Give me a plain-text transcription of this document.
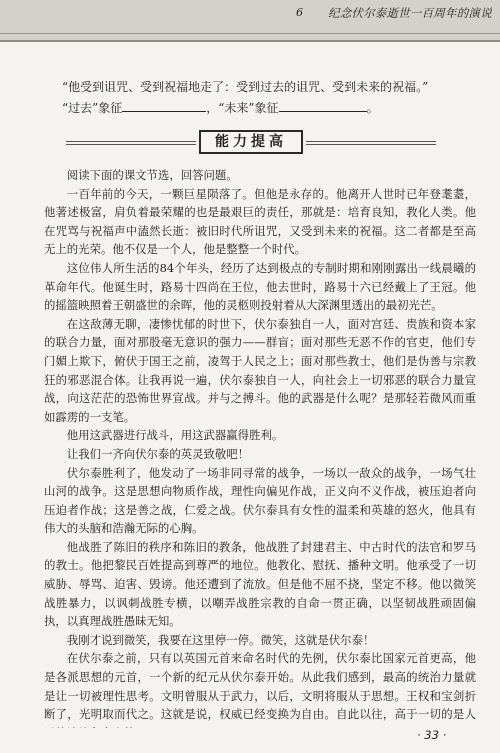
6 纪念伏尔泰逝世一百周年的演说
“他受到诅咒、受到祝福地走了：受到过去的诅咒、受到未来的祝福。”
“过去”象征	，“未来”象征	。
能力提高

阅读下面的课文节选，回答问题。

一百年前的今天，一颗巨星陨落了。但他是永存的。他离开人世时已年登耄耋，他著述极富，肩负着最荣耀的也是最艰巨的责任，那就是：培育良知，教化人类。他在咒骂与祝福声中溘然长逝：被旧时代所诅咒，又受到未来的祝福。这二者都是至高无上的光荣。他不仅是一个人，他是整整一个时代。

这位伟人所生活的84个年头，经历了达到极点的专制时期和刚刚露出一线晨曦的革命年代。他诞生时，路易十四尚在王位，他去世时，路易十六已经戴上了王冠。他的摇篮映照着王朝盛世的余晖，他的灵柩则投射着从大深渊里透出的最初光芒。

在这敌薄无聊，凄惨忧郁的时世下，伏尔泰独自一人，面对宫廷、贵族和资本家的联合力量，面对那股毫无意识的强力——群盲；面对那些无恶不作的官吏，他们专门媚上欺下，俯伏于国王之前，凌驾于人民之上；面对那些教士，他们是伪善与宗教狂的邪恶混合体。让我再说一遍，伏尔泰独自一人，向社会上一切邪恶的联合力量宣战，向这茫茫的恐怖世界宣战。并与之搏斗。他的武器是什么呢？是那轻若微风而重如霹雳的一支笔。

他用这武器进行战斗，用这武器赢得胜利。

让我们一齐向伏尔泰的英灵致敬吧！

伏尔泰胜利了，他发动了一场非同寻常的战争，一场以一敌众的战争，一场气壮山河的战争。这是思想向物质作战，理性向偏见作战，正义向不义作战，被压迫者向压迫者作战；这是善之战，仁爱之战。伏尔泰具有女性的温柔和英雄的怒火，他具有伟大的头脑和浩瀚无际的心胸。

他战胜了陈旧的秩序和陈旧的教条，他战胜了封建君主、中古时代的法官和罗马的教士。他把黎民百姓提高到尊严的地位。他教化、慰抚、播种文明。他承受了一切威胁、辱骂、迫害、毁谤。他还遭到了流放。但是他不屈不挠，坚定不移。他以微笑战胜暴力，以讽刺战胜专横，以嘲弄战胜宗教的自命一贯正确，以坚韧战胜顽固偏执，以真理战胜愚昧无知。

我刚才说到微笑，我要在这里停一停。微笑，这就是伏尔泰！

在伏尔泰之前，只有以英国元首来命名时代的先例，伏尔泰比国家元首更高，他是各派思想的元首，一个新的纪元从伏尔泰开始。从此我们感到，最高的统治力量就是让一切被理性思考。文明曾服从于武力，以后，文明将服从于思想。王权和宝剑折断了，光明取而代之。这就是说，权威已经变换为自由。自此以往，高于一切的是人

· 33 ·
